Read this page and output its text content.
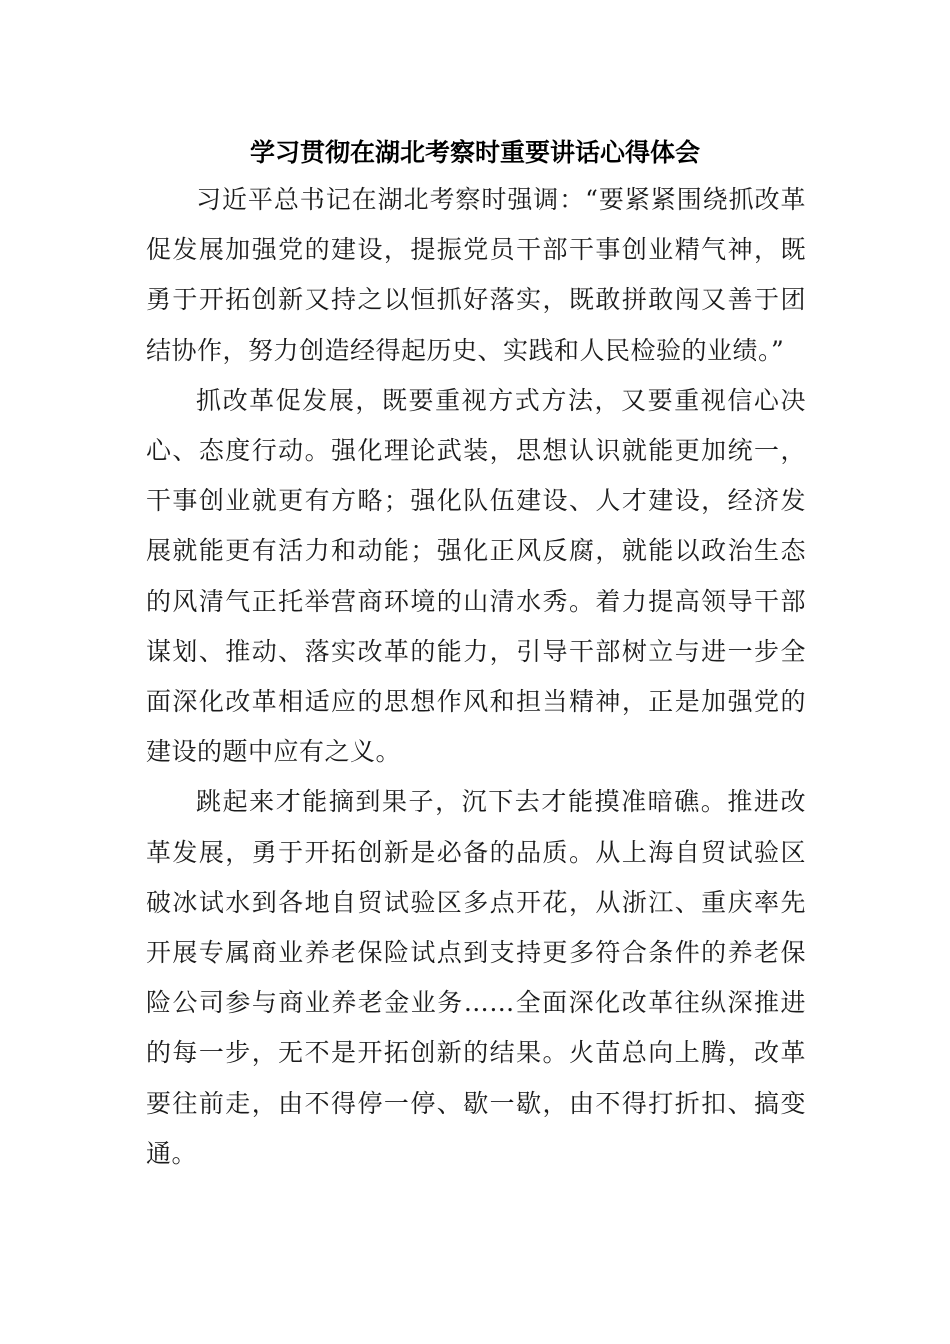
学习贯彻在湖北考察时重要讲话心得体会

习近平总书记在湖北考察时强调：“要紧紧围绕抓改革促发展加强党的建设，提振党员干部干事创业精气神，既勇于开拓创新又持之以恒抓好落实，既敢拼敢闯又善于团结协作，努力创造经得起历史、实践和人民检验的业绩。”

抓改革促发展，既要重视方式方法，又要重视信心决心、态度行动。强化理论武装，思想认识就能更加统一，干事创业就更有方略；强化队伍建设、人才建设，经济发展就能更有活力和动能；强化正风反腐，就能以政治生态的风清气正托举营商环境的山清水秀。着力提高领导干部谋划、推动、落实改革的能力，引导干部树立与进一步全面深化改革相适应的思想作风和担当精神，正是加强党的建设的题中应有之义。

跳起来才能摘到果子，沉下去才能摸准暗礁。推进改革发展，勇于开拓创新是必备的品质。从上海自贸试验区破冰试水到各地自贸试验区多点开花，从浙江、重庆率先开展专属商业养老保险试点到支持更多符合条件的养老保险公司参与商业养老金业务……全面深化改革往纵深推进的每一步，无不是开拓创新的结果。火苗总向上腾，改革要往前走，由不得停一停、歇一歇，由不得打折扣、搞变通。
